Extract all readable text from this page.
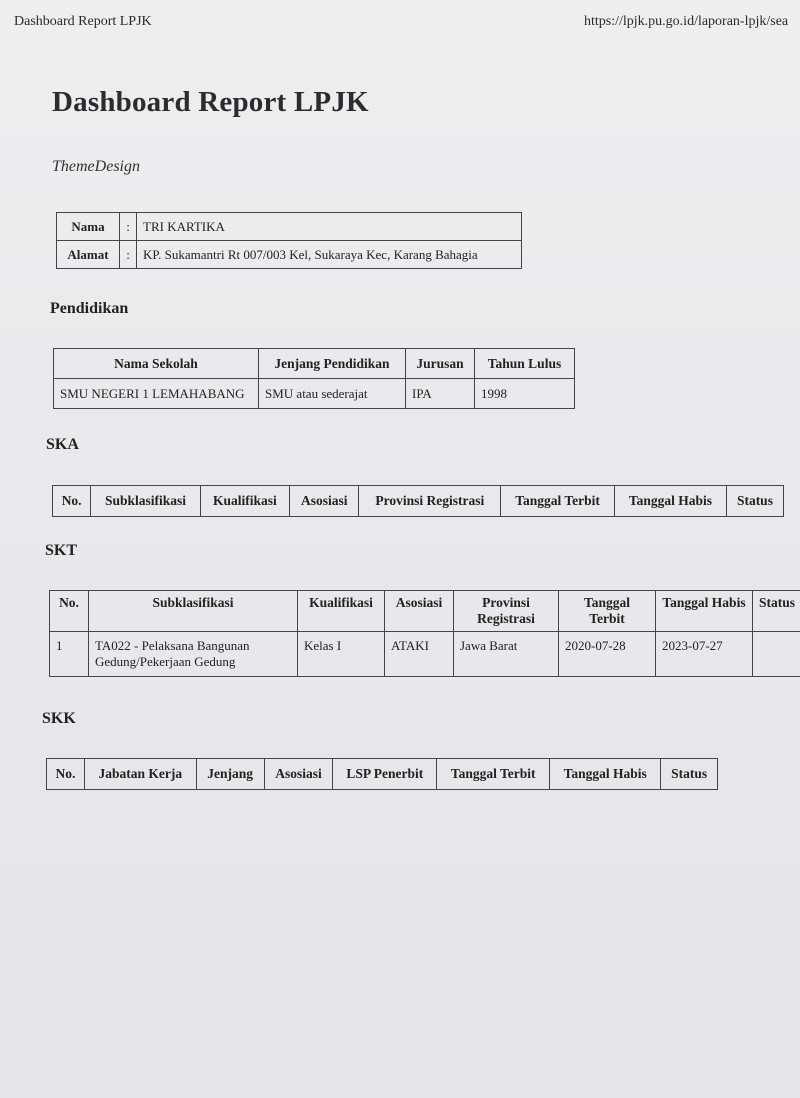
Dashboard Report LPJK	https://lpjk.pu.go.id/laporan-lpjk/sea
Dashboard Report LPJK
ThemeDesign
Nama	:	TRI KARTIKA
Alamat	:	KP. Sukamantri Rt 007/003 Kel, Sukaraya Kec, Karang Bahagia
Pendidikan
Nama Sekolah	Jenjang Pendidikan	Jurusan	Tahun Lulus
SMU NEGERI 1 LEMAHABANG	SMU atau sederajat	IPA	1998
SKA
No.	Subklasifikasi	Kualifikasi	Asosiasi	Provinsi Registrasi	Tanggal Terbit	Tanggal Habis	Status
SKT
No.	Subklasifikasi	Kualifikasi	Asosiasi	Provinsi Registrasi	Tanggal Terbit	Tanggal Habis	Status
1	TA022 - Pelaksana Bangunan Gedung/Pekerjaan Gedung	Kelas I	ATAKI	Jawa Barat	2020-07-28	2023-07-27	
SKK
No.	Jabatan Kerja	Jenjang	Asosiasi	LSP Penerbit	Tanggal Terbit	Tanggal Habis	Status
